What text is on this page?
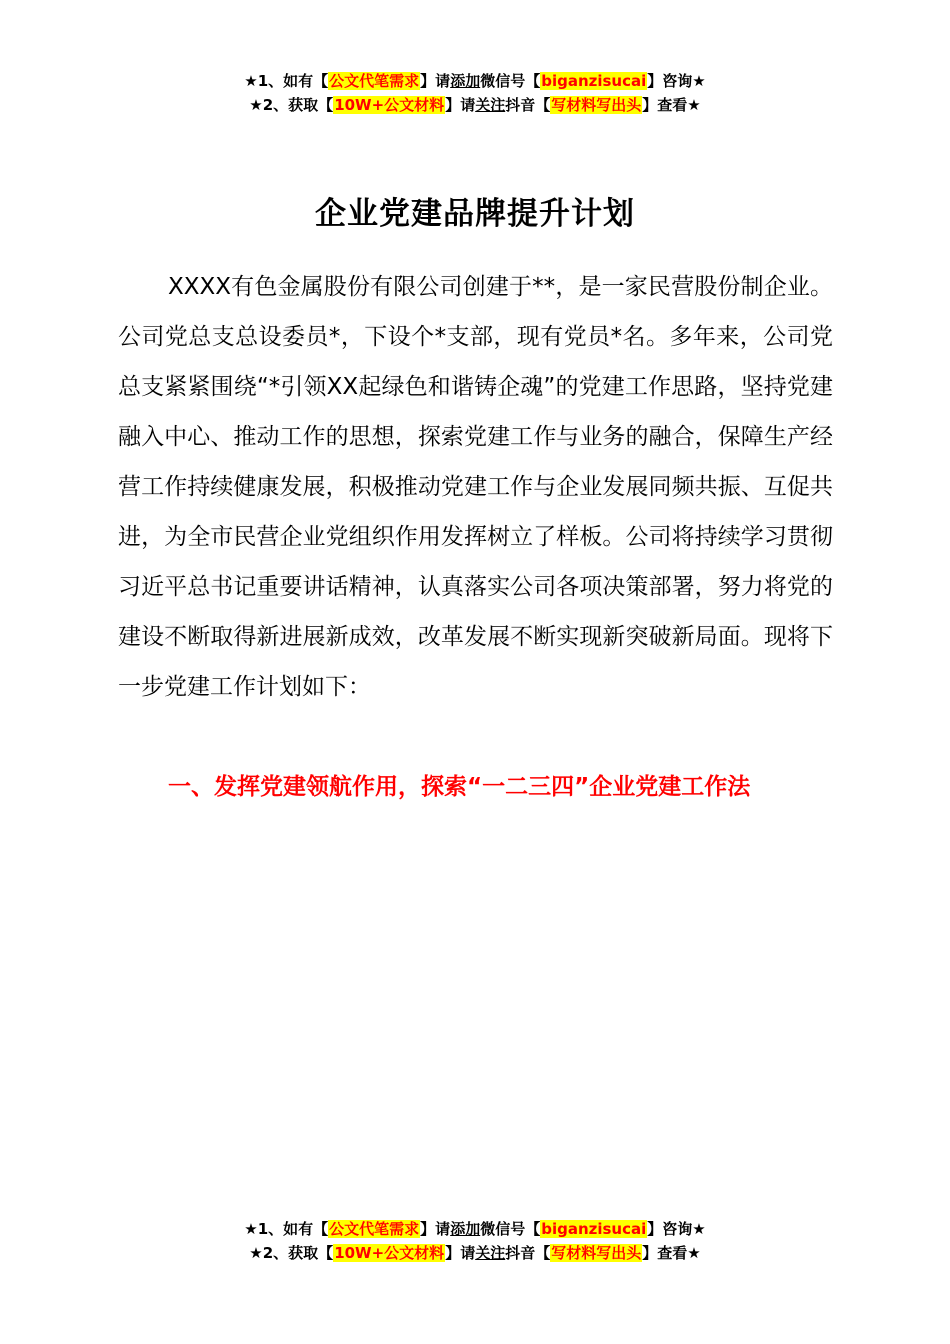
★1、如有【公文代笔需求】请添加微信号【biganzisucai】咨询★
★2、获取【10W+公文材料】请关注抖音【写材料写出头】查看★
企业党建品牌提升计划

XXXX有色金属股份有限公司创建于**，是一家民营股份制企业。公司党总支总设委员*，下设个*支部，现有党员*名。多年来，公司党总支紧紧围绕“*引领XX起绿色和谐铸企魂”的党建工作思路，坚持党建融入中心、推动工作的思想，探索党建工作与业务的融合，保障生产经营工作持续健康发展，积极推动党建工作与企业发展同频共振、互促共进，为全市民营企业党组织作用发挥树立了样板。公司将持续学习贯彻习近平总书记重要讲话精神，认真落实公司各项决策部署，努力将党的建设不断取得新进展新成效，改革发展不断实现新突破新局面。现将下一步党建工作计划如下：

一、发挥党建领航作用，探索“一二三四”企业党建工作法

★1、如有【公文代笔需求】请添加微信号【biganzisucai】咨询★
★2、获取【10W+公文材料】请关注抖音【写材料写出头】查看★
